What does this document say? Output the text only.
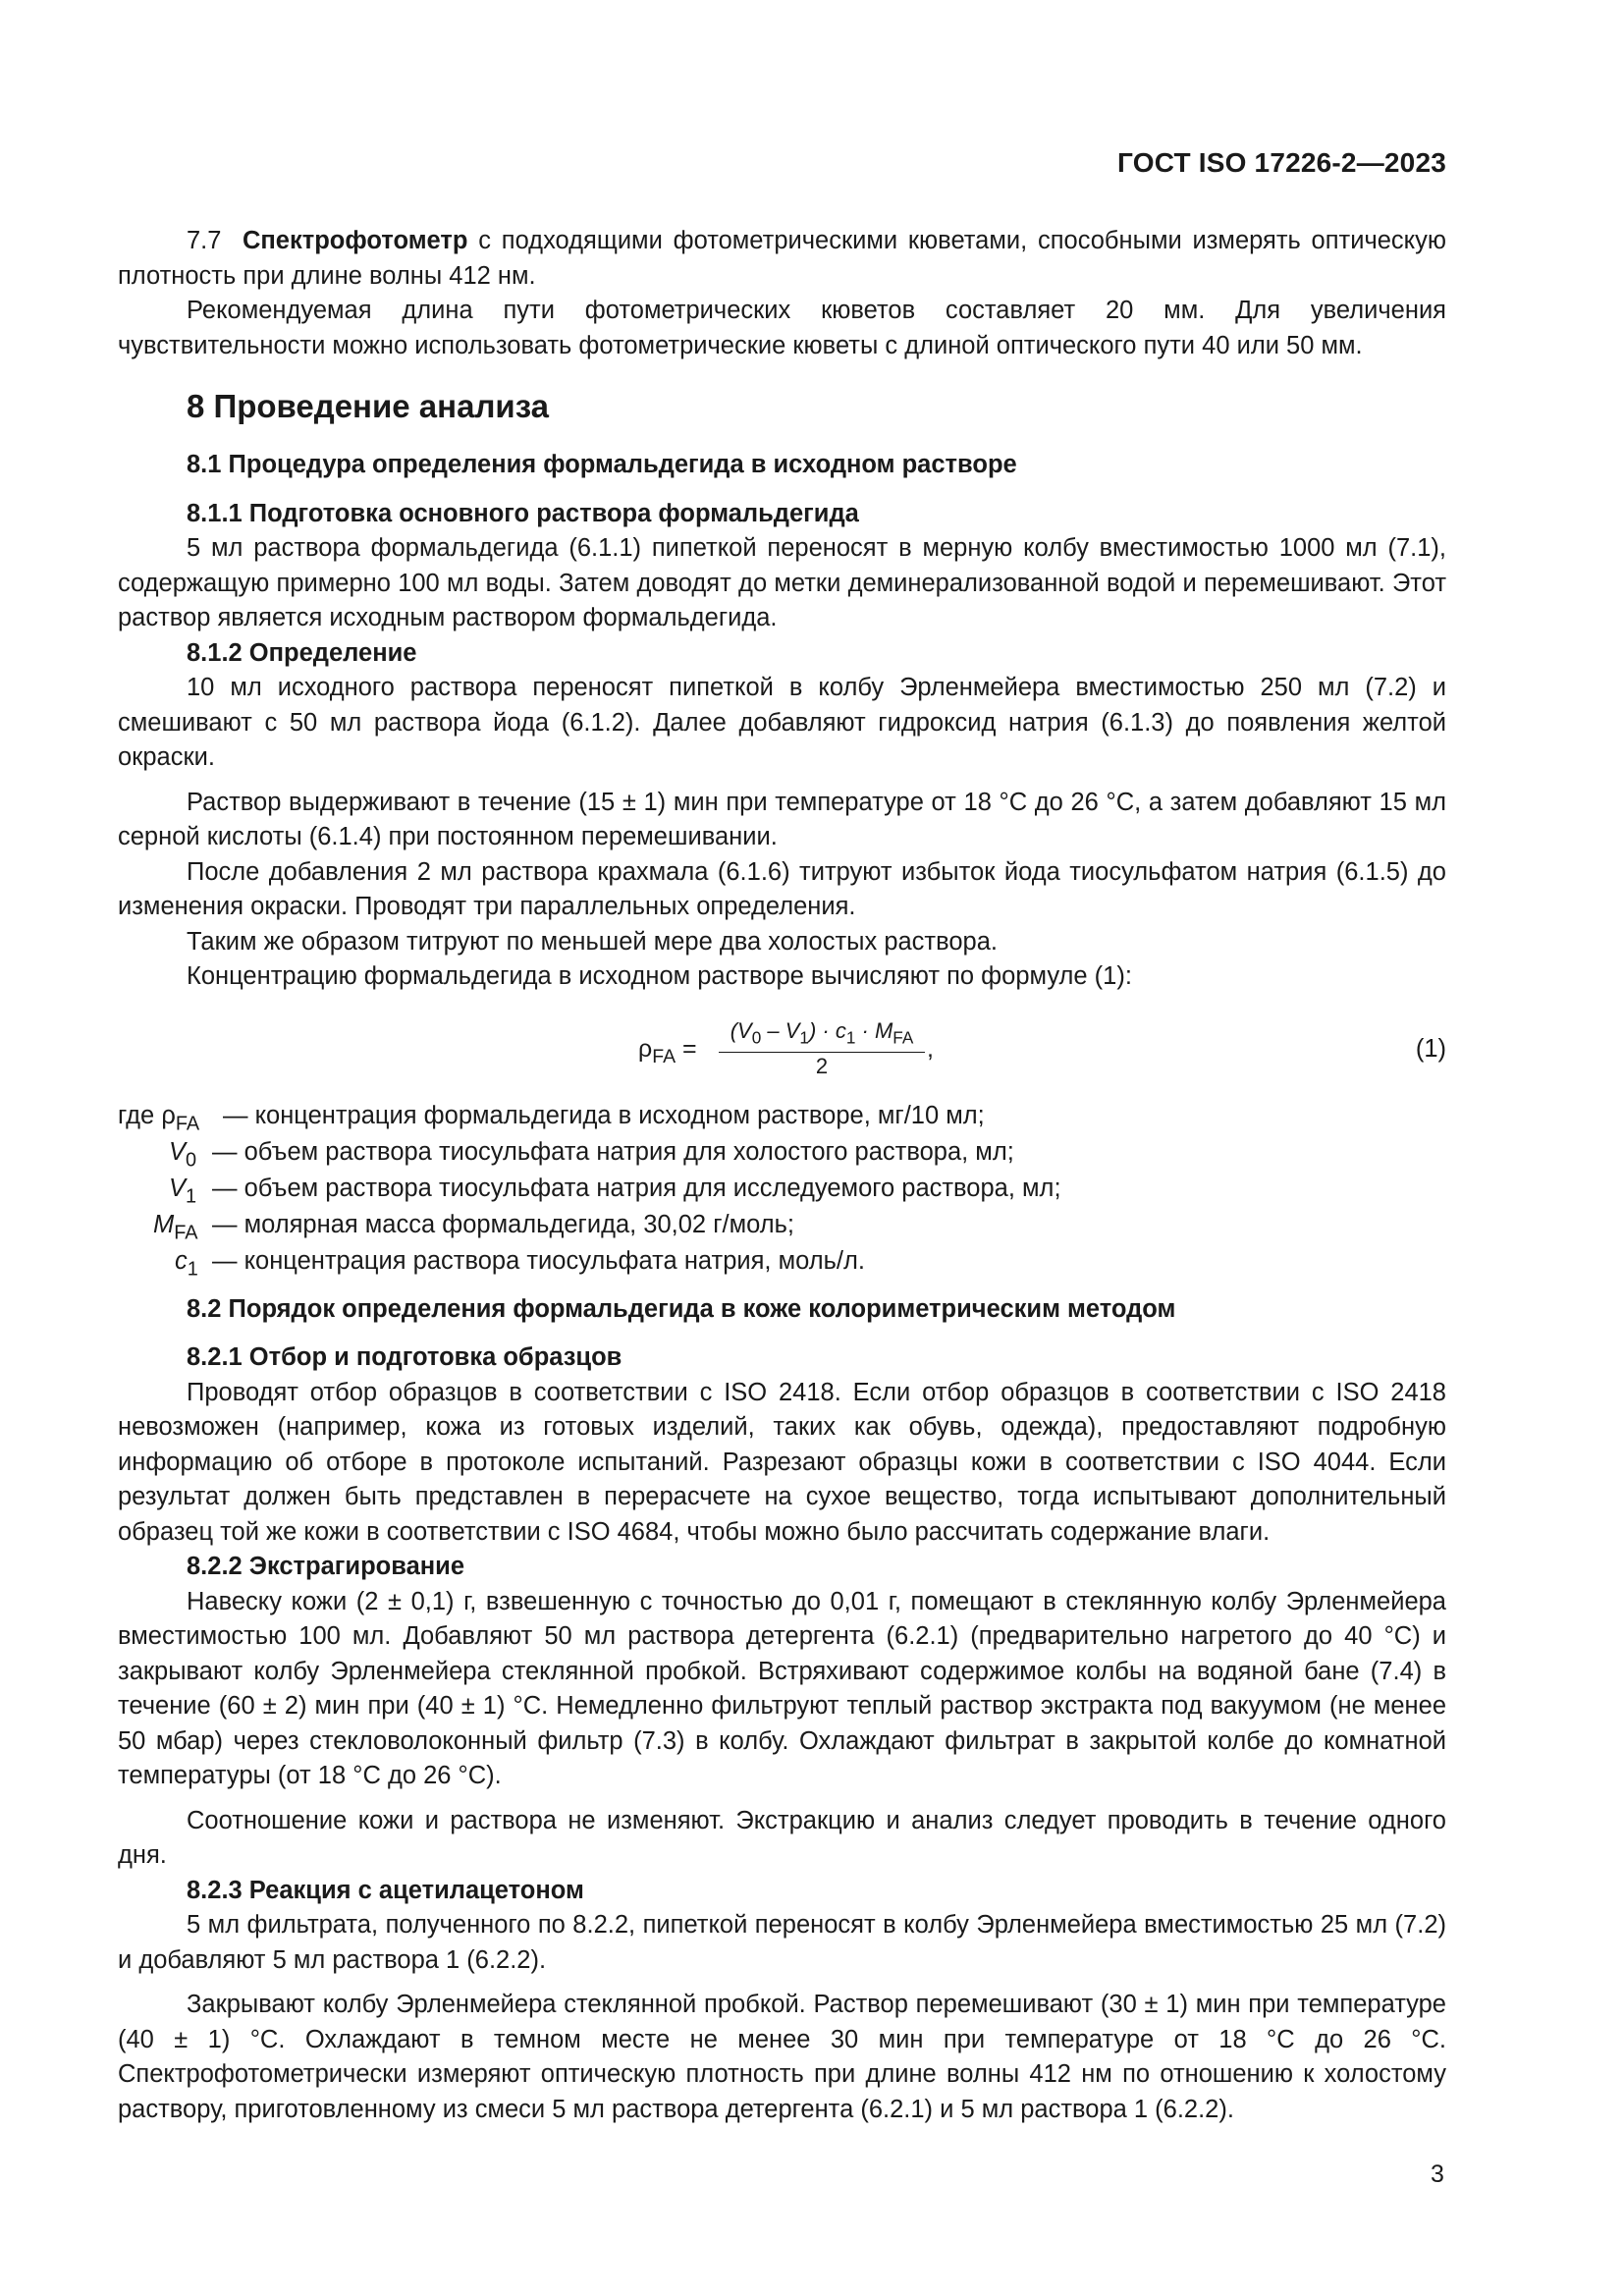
ГОСТ ISO 17226-2—2023

7.7 Спектрофотометр с подходящими фотометрическими кюветами, способными измерять оптическую плотность при длине волны 412 нм.

Рекомендуемая длина пути фотометрических кюветов составляет 20 мм. Для увеличения чувствительности можно использовать фотометрические кюветы с длиной оптического пути 40 или 50 мм.

8 Проведение анализа
8.1 Процедура определения формальдегида в исходном растворе
8.1.1 Подготовка основного раствора формальдегида

5 мл раствора формальдегида (6.1.1) пипеткой переносят в мерную колбу вместимостью 1000 мл (7.1), содержащую примерно 100 мл воды. Затем доводят до метки деминерализованной водой и перемешивают. Этот раствор является исходным раствором формальдегида.

8.1.2 Определение

10 мл исходного раствора переносят пипеткой в колбу Эрленмейера вместимостью 250 мл (7.2) и смешивают с 50 мл раствора йода (6.1.2). Далее добавляют гидроксид натрия (6.1.3) до появления желтой окраски.

Раствор выдерживают в течение (15 ± 1) мин при температуре от 18 °С до 26 °С, а затем добавляют 15 мл серной кислоты (6.1.4) при постоянном перемешивании.

После добавления 2 мл раствора крахмала (6.1.6) титруют избыток йода тиосульфатом натрия (6.1.5) до изменения окраски. Проводят три параллельных определения.

Таким же образом титруют по меньшей мере два холостых раствора.

Концентрацию формальдегида в исходном растворе вычисляют по формуле (1):

$\rho_{FA}$ =
$(V_0 - V_1) \cdot c_1 \cdot M_{FA}$
2
,	(1)
где $\rho_{FA}$ — концентрация формальдегида в исходном растворе, мг/10 мл;
$V_0$ — объем раствора тиосульфата натрия для холостого раствора, мл;
$V_1$ — объем раствора тиосульфата натрия для исследуемого раствора, мл;
$M_{FA}$ — молярная масса формальдегида, 30,02 г/моль;
$c_1$ — концентрация раствора тиосульфата натрия, моль/л.
8.2 Порядок определения формальдегида в коже колориметрическим методом
8.2.1 Отбор и подготовка образцов

Проводят отбор образцов в соответствии с ISO 2418. Если отбор образцов в соответствии с ISO 2418 невозможен (например, кожа из готовых изделий, таких как обувь, одежда), предоставляют подробную информацию об отборе в протоколе испытаний. Разрезают образцы кожи в соответствии с ISO 4044. Если результат должен быть представлен в перерасчете на сухое вещество, тогда испытывают дополнительный образец той же кожи в соответствии с ISO 4684, чтобы можно было рассчитать содержание влаги.

8.2.2 Экстрагирование

Навеску кожи (2 ± 0,1) г, взвешенную с точностью до 0,01 г, помещают в стеклянную колбу Эрленмейера вместимостью 100 мл. Добавляют 50 мл раствора детергента (6.2.1) (предварительно нагретого до 40 °С) и закрывают колбу Эрленмейера стеклянной пробкой. Встряхивают содержимое колбы на водяной бане (7.4) в течение (60 ± 2) мин при (40 ± 1) °С. Немедленно фильтруют теплый раствор экстракта под вакуумом (не менее 50 мбар) через стекловолоконный фильтр (7.3) в колбу. Охлаждают фильтрат в закрытой колбе до комнатной температуры (от 18 °С до 26 °С).

Соотношение кожи и раствора не изменяют. Экстракцию и анализ следует проводить в течение одного дня.

8.2.3 Реакция с ацетилацетоном

5 мл фильтрата, полученного по 8.2.2, пипеткой переносят в колбу Эрленмейера вместимостью 25 мл (7.2) и добавляют 5 мл раствора 1 (6.2.2).

Закрывают колбу Эрленмейера стеклянной пробкой. Раствор перемешивают (30 ± 1) мин при температуре (40 ± 1) °С. Охлаждают в темном месте не менее 30 мин при температуре от 18 °С до 26 °С. Спектрофотометрически измеряют оптическую плотность при длине волны 412 нм по отношению к холостому раствору, приготовленному из смеси 5 мл раствора детергента (6.2.1) и 5 мл раствора 1 (6.2.2).

3
